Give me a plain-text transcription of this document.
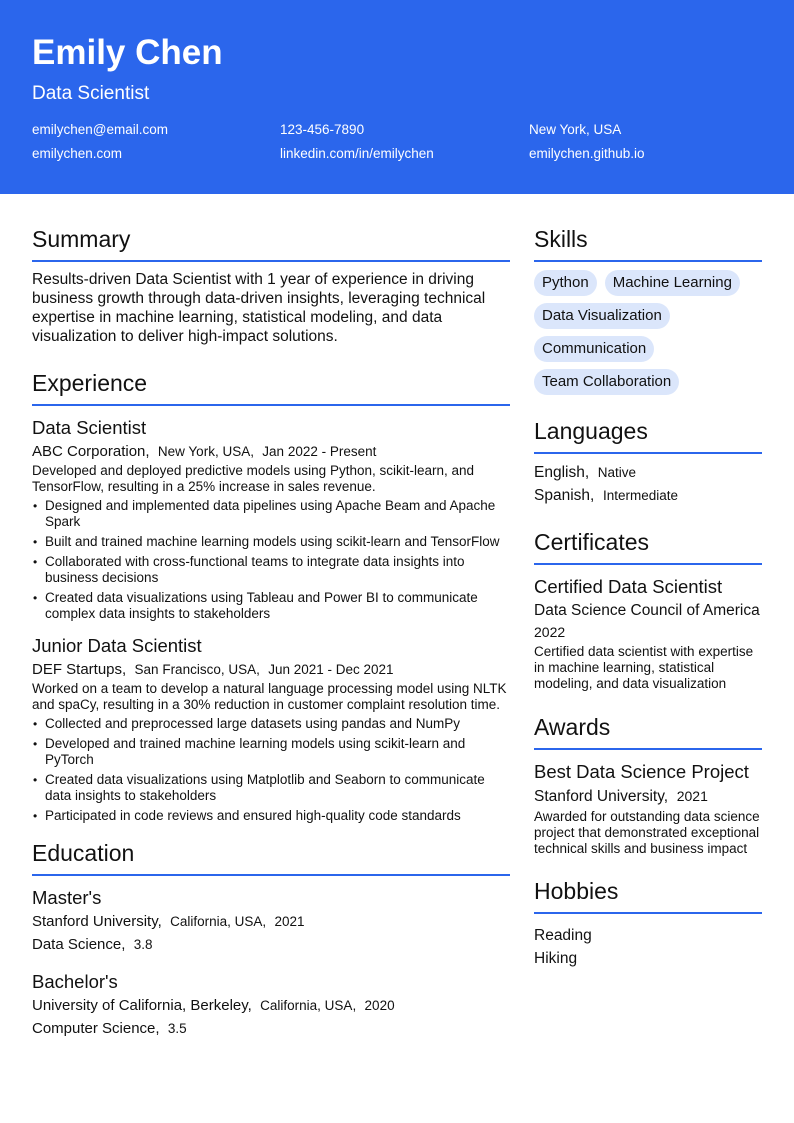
Emily Chen
Data Scientist
emilychen@email.com	123-456-7890	New York, USA
emilychen.com	linkedin.com/in/emilychen	emilychen.github.io
Summary
Results-driven Data Scientist with 1 year of experience in driving business growth through data-driven insights, leveraging technical expertise in machine learning, statistical modeling, and data visualization to deliver high-impact solutions.
Experience
Data Scientist
ABC Corporation, New York, USA, Jan 2022 - Present
Developed and deployed predictive models using Python, scikit-learn, and TensorFlow, resulting in a 25% increase in sales revenue.
• Designed and implemented data pipelines using Apache Beam and Apache Spark
• Built and trained machine learning models using scikit-learn and TensorFlow
• Collaborated with cross-functional teams to integrate data insights into business decisions
• Created data visualizations using Tableau and Power BI to communicate complex data insights to stakeholders
Junior Data Scientist
DEF Startups, San Francisco, USA, Jun 2021 - Dec 2021
Worked on a team to develop a natural language processing model using NLTK and spaCy, resulting in a 30% reduction in customer complaint resolution time.
• Collected and preprocessed large datasets using pandas and NumPy
• Developed and trained machine learning models using scikit-learn and PyTorch
• Created data visualizations using Matplotlib and Seaborn to communicate data insights to stakeholders
• Participated in code reviews and ensured high-quality code standards
Education
Master's
Stanford University, California, USA, 2021
Data Science, 3.8
Bachelor's
University of California, Berkeley, California, USA, 2020
Computer Science, 3.5
Skills
Python	Machine Learning
Data Visualization
Communication
Team Collaboration
Languages
English, Native
Spanish, Intermediate
Certificates
Certified Data Scientist
Data Science Council of America
2022
Certified data scientist with expertise in machine learning, statistical modeling, and data visualization
Awards
Best Data Science Project
Stanford University, 2021
Awarded for outstanding data science project that demonstrated exceptional technical skills and business impact
Hobbies
Reading
Hiking
